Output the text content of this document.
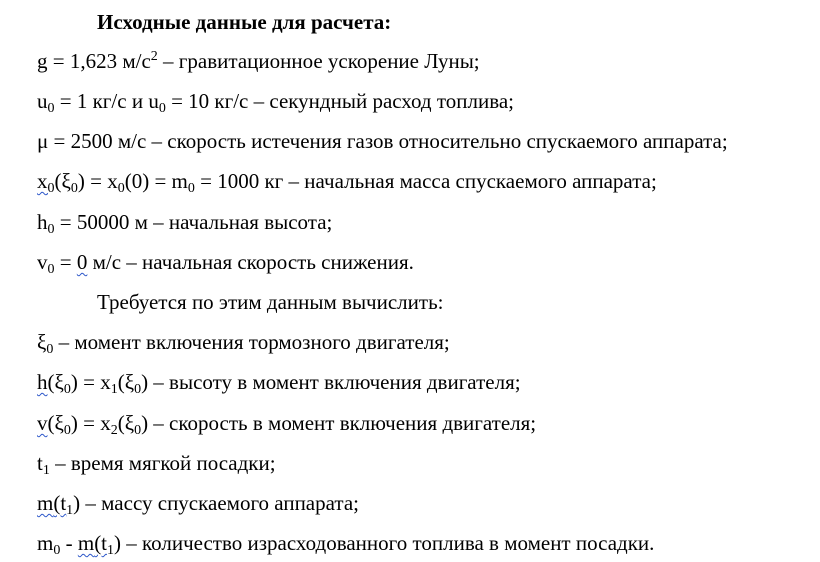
Исходные данные для расчета:
g = 1,623 $м/с^2$ – гравитационное ускорение Луны;
$u_0 = 1$ кг/с и $u_0 = 10$ кг/с – секундный расход топлива;
μ = 2500 м/с – скорость истечения газов относительно спускаемого аппарата;
$x_0(\xi_0) = x_0(0) = m_0 = 1000$ кг – начальная масса спускаемого аппарата;
$h_0 = 50000$ м – начальная высота;
$v_0 = 0$ м/с – начальная скорость снижения.
Требуется по этим данным вычислить:
$\xi_0$ – момент включения тормозного двигателя;
$h(\xi_0) = x_1(\xi_0)$ – высоту в момент включения двигателя;
$v(\xi_0) = x_2(\xi_0)$ – скорость в момент включения двигателя;
$t_1$ – время мягкой посадки;
$m(t_1)$ – массу спускаемого аппарата;
$m_0 - m(t_1)$ – количество израсходованного топлива в момент посадки.
